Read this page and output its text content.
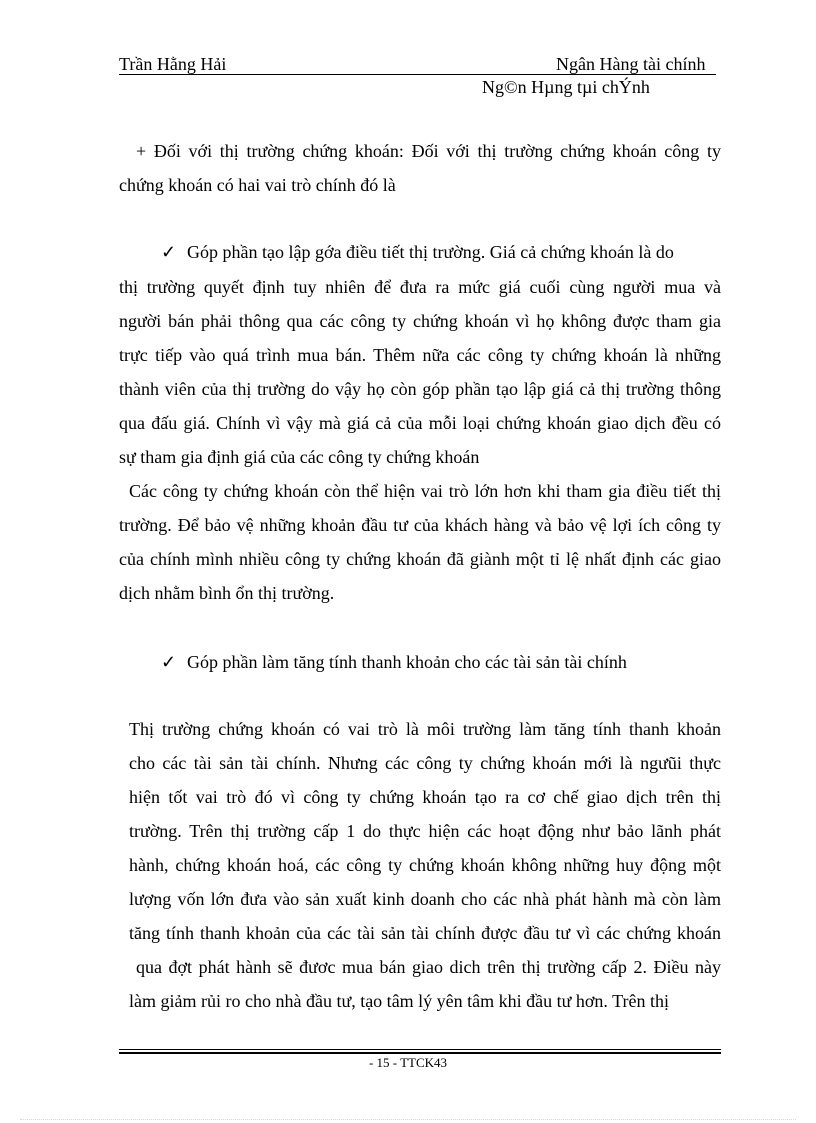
Trần Hằng Hải	Ngân Hàng tài chính
Ng©n Hµng tµi chÝnh
+ Đối với thị trường chứng khoán: Đối với thị trường chứng khoán công ty
chứng khoán có hai vai trò chính đó là
✓ Góp phần tạo lập gớa điều tiết thị trường. Giá cả chứng khoán là do
thị trường quyết định tuy nhiên để đưa ra mức giá cuối cùng người mua và
người bán phải thông qua các công ty chứng khoán vì họ không được tham gia
trực tiếp vào quá trình mua bán. Thêm nữa các công ty chứng khoán là những
thành viên của thị trường do vậy họ còn góp phần tạo lập giá cả thị trường thông
qua đấu giá. Chính vì vậy mà giá cả của mỗi loại chứng khoán giao dịch đều có
sự tham gia định giá của các công ty chứng khoán
Các công ty chứng khoán còn thể hiện vai trò lớn hơn khi tham gia điều tiết thị
trường. Để bảo vệ những khoản đầu tư của khách hàng và bảo vệ lợi ích công ty
của chính mình nhiều công ty chứng khoán đã giành một tỉ lệ nhất định các giao
dịch nhằm bình ổn thị trường.
✓ Góp phần làm tăng tính thanh khoản cho các tài sản tài chính
Thị trường chứng khoán có vai trò là môi trường làm tăng tính thanh khoản
cho các tài sản tài chính. Nhưng các công ty chứng khoán mới là ngưũi thực
hiện tốt vai trò đó vì công ty chứng khoán tạo ra cơ chế giao dịch trên thị
trường. Trên thị trường cấp 1 do thực hiện các hoạt động như bảo lãnh phát
hành, chứng khoán hoá, các công ty chứng khoán không những huy động một
lượng vốn lớn đưa vào sản xuất kinh doanh cho các nhà phát hành mà còn làm
tăng tính thanh khoản của các tài sản tài chính được đầu tư vì các chứng khoán
qua đợt phát hành sẽ đươc mua bán giao dich trên thị trường cấp 2. Điều này
làm giảm rủi ro cho nhà đầu tư, tạo tâm lý yên tâm khi đầu tư hơn. Trên thị
- 15 - TTCK43
